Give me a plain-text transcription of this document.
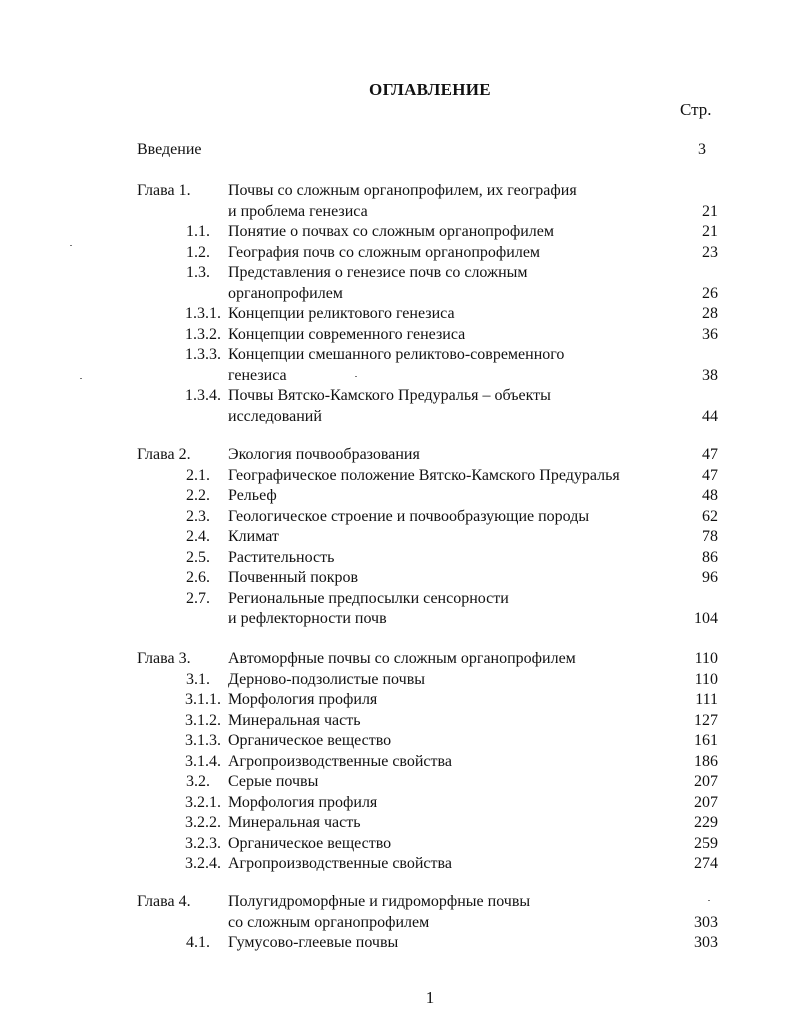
ОГЛАВЛЕНИЕ
Стр.
Введение	3
Глава 1. Почвы со сложным органопрофилем, их география
и проблема генезиса	21
1.1. Понятие о почвах со сложным органопрофилем	21
1.2. География почв со сложным органопрофилем	23
1.3. Представления о генезисе почв со сложным
органопрофилем	26
1.3.1. Концепции реликтового генезиса	28
1.3.2. Концепции современного генезиса	36
1.3.3. Концепции смешанного реликтово-современного
генезиса	38
1.3.4. Почвы Вятско-Камского Предуралья – объекты
исследований	44
Глава 2. Экология почвообразования	47
2.1. Географическое положение Вятско-Камского Предуралья	47
2.2. Рельеф	48
2.3. Геологическое строение и почвообразующие породы	62
2.4. Климат	78
2.5. Растительность	86
2.6. Почвенный покров	96
2.7. Региональные предпосылки сенсорности
и рефлекторности почв	104
Глава 3. Автоморфные почвы со сложным органопрофилем	110
3.1. Дерново-подзолистые почвы	110
3.1.1. Морфология профиля	111
3.1.2. Минеральная часть	127
3.1.3. Органическое вещество	161
3.1.4. Агропроизводственные свойства	186
3.2. Серые почвы	207
3.2.1. Морфология профиля	207
3.2.2. Минеральная часть	229
3.2.3. Органическое вещество	259
3.2.4. Агропроизводственные свойства	274
Глава 4. Полугидроморфные и гидроморфные почвы
со сложным органопрофилем	303
4.1. Гумусово-глеевые почвы	303
1
